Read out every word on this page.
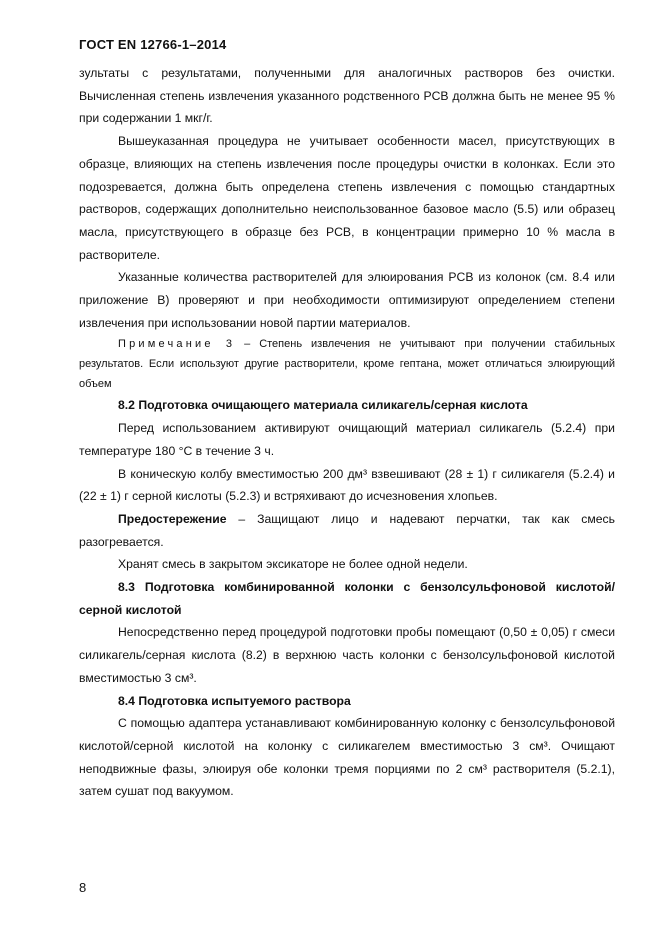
ГОСТ EN 12766-1–2014

зультаты с результатами, полученными для аналогичных растворов без очистки. Вычисленная степень извлечения указанного родственного PCB должна быть не менее 95 % при содержании 1 мкг/г.

Вышеуказанная процедура не учитывает особенности масел, присутствующих в образце, влияющих на степень извлечения после процедуры очистки в колонках. Если это подозревается, должна быть определена степень извлечения с помощью стандартных растворов, содержащих дополнительно неиспользованное базовое масло (5.5) или образец масла, присутствующего в образце без PCB, в концентрации примерно 10 % масла в растворителе.

Указанные количества растворителей для элюирования PCB из колонок (см. 8.4 или приложение B) проверяют и при необходимости оптимизируют определением степени извлечения при использовании новой партии материалов.

Примечание 3 – Степень извлечения не учитывают при получении стабильных результатов. Если используют другие растворители, кроме гептана, может отличаться элюирующий объем

8.2 Подготовка очищающего материала силикагель/серная кислота

Перед использованием активируют очищающий материал силикагель (5.2.4) при температуре 180 °С в течение 3 ч.

В коническую колбу вместимостью 200 дм³ взвешивают (28 ± 1) г силикагеля (5.2.4) и (22 ± 1) г серной кислоты (5.2.3) и встряхивают до исчезновения хлопьев.

Предостережение – Защищают лицо и надевают перчатки, так как смесь разогревается.

Хранят смесь в закрытом эксикаторе не более одной недели.

8.3 Подготовка комбинированной колонки с бензолсульфоновой кислотой/серной кислотой

Непосредственно перед процедурой подготовки пробы помещают (0,50 ± 0,05) г смеси силикагель/серная кислота (8.2) в верхнюю часть колонки с бензолсульфоновой кислотой вместимостью 3 см³.

8.4 Подготовка испытуемого раствора

С помощью адаптера устанавливают комбинированную колонку с бензолсульфоновой кислотой/серной кислотой на колонку с силикагелем вместимостью 3 см³. Очищают неподвижные фазы, элюируя обе колонки тремя порциями по 2 см³ растворителя (5.2.1), затем сушат под вакуумом.

8
